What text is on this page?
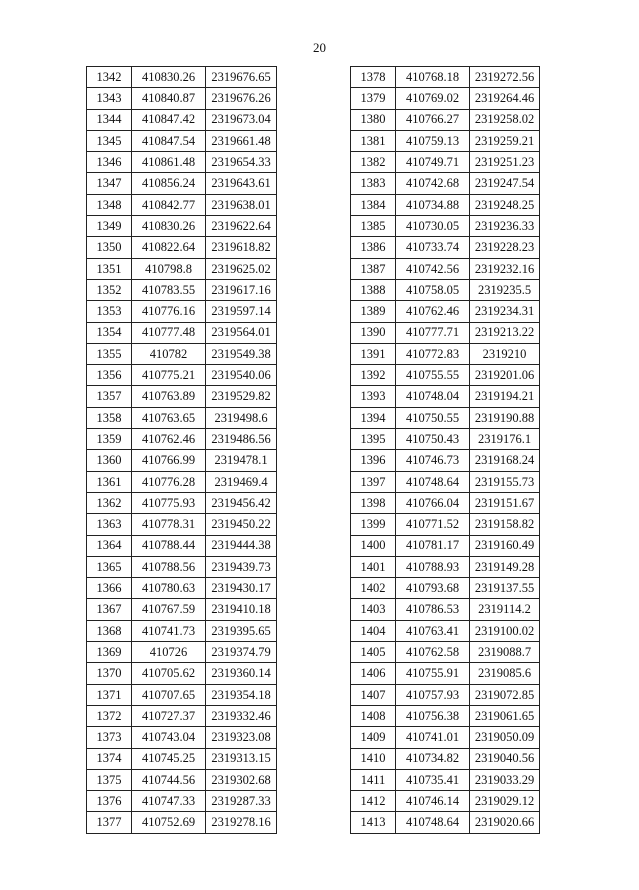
20
1342	410830.26	2319676.65
1343	410840.87	2319676.26
1344	410847.42	2319673.04
1345	410847.54	2319661.48
1346	410861.48	2319654.33
1347	410856.24	2319643.61
1348	410842.77	2319638.01
1349	410830.26	2319622.64
1350	410822.64	2319618.82
1351	410798.8	2319625.02
1352	410783.55	2319617.16
1353	410776.16	2319597.14
1354	410777.48	2319564.01
1355	410782	2319549.38
1356	410775.21	2319540.06
1357	410763.89	2319529.82
1358	410763.65	2319498.6
1359	410762.46	2319486.56
1360	410766.99	2319478.1
1361	410776.28	2319469.4
1362	410775.93	2319456.42
1363	410778.31	2319450.22
1364	410788.44	2319444.38
1365	410788.56	2319439.73
1366	410780.63	2319430.17
1367	410767.59	2319410.18
1368	410741.73	2319395.65
1369	410726	2319374.79
1370	410705.62	2319360.14
1371	410707.65	2319354.18
1372	410727.37	2319332.46
1373	410743.04	2319323.08
1374	410745.25	2319313.15
1375	410744.56	2319302.68
1376	410747.33	2319287.33
1377	410752.69	2319278.16
1378	410768.18	2319272.56
1379	410769.02	2319264.46
1380	410766.27	2319258.02
1381	410759.13	2319259.21
1382	410749.71	2319251.23
1383	410742.68	2319247.54
1384	410734.88	2319248.25
1385	410730.05	2319236.33
1386	410733.74	2319228.23
1387	410742.56	2319232.16
1388	410758.05	2319235.5
1389	410762.46	2319234.31
1390	410777.71	2319213.22
1391	410772.83	2319210
1392	410755.55	2319201.06
1393	410748.04	2319194.21
1394	410750.55	2319190.88
1395	410750.43	2319176.1
1396	410746.73	2319168.24
1397	410748.64	2319155.73
1398	410766.04	2319151.67
1399	410771.52	2319158.82
1400	410781.17	2319160.49
1401	410788.93	2319149.28
1402	410793.68	2319137.55
1403	410786.53	2319114.2
1404	410763.41	2319100.02
1405	410762.58	2319088.7
1406	410755.91	2319085.6
1407	410757.93	2319072.85
1408	410756.38	2319061.65
1409	410741.01	2319050.09
1410	410734.82	2319040.56
1411	410735.41	2319033.29
1412	410746.14	2319029.12
1413	410748.64	2319020.66
